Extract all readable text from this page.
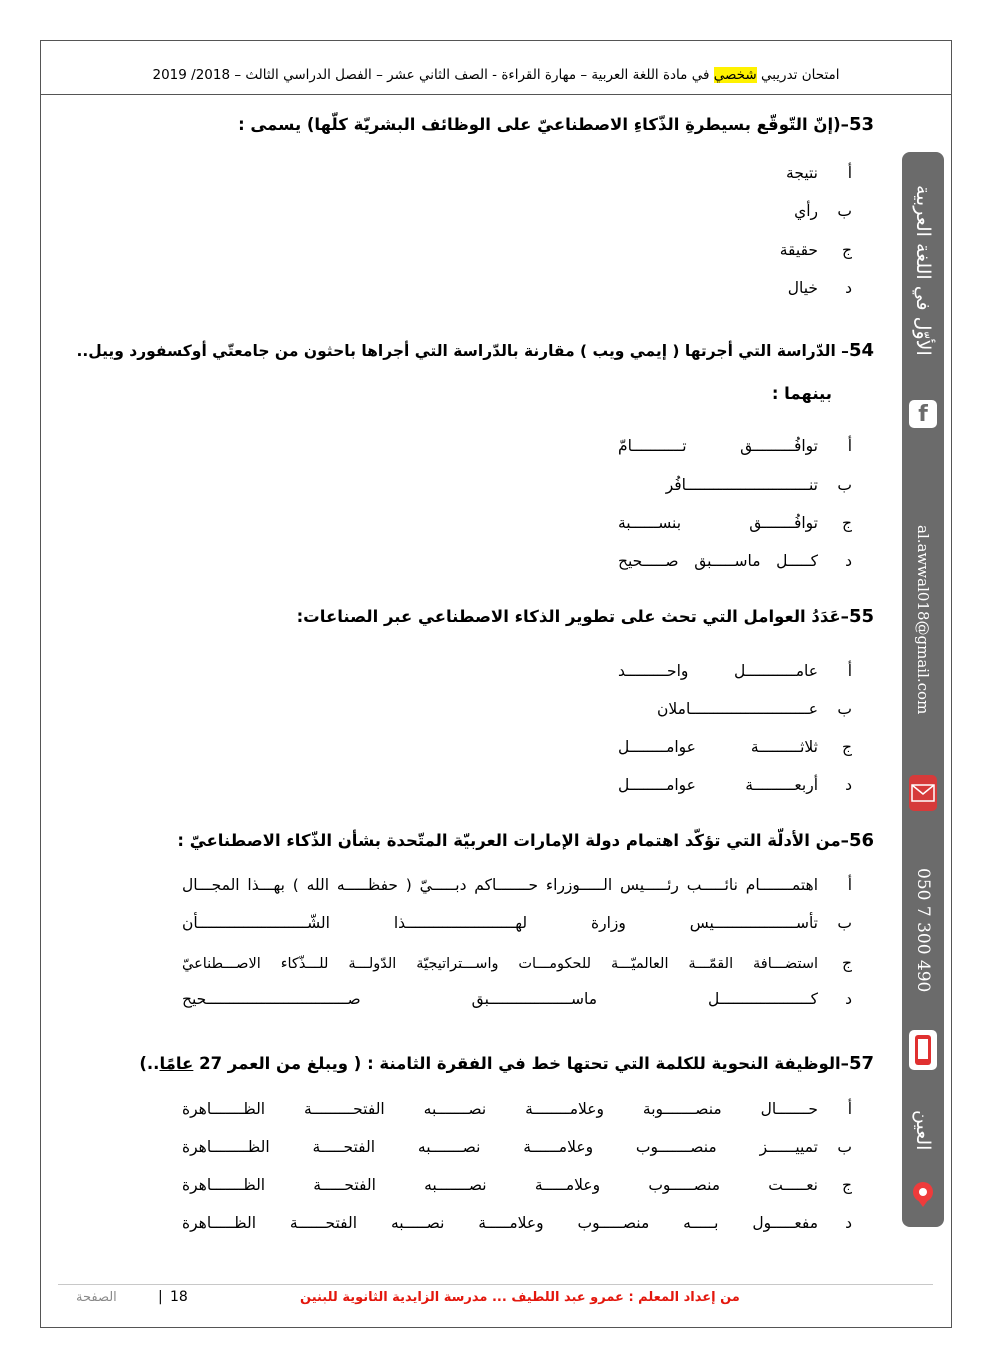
امتحان تدريبي شخصي في مادة اللغة العربية – مهارة القراءة - الصف الثاني عشر – الفصل الدراسي الثالث – 2018/ 2019
53–(إنّ التّوقّع بسيطرةِ الذّكاءِ الاصطناعيّ على الوظائف البشريّة كلّها) يسمى :
أنتيجة
برأي
جحقيقة
دخيال
54– الدّراسة التي أجرتها ( إيمي ويب ) مقارنة بالدّراسة التي أجراها باحثون من جامعتّي أوكسفورد وييل..
بينهما :
أتوافُـــــــــق تـــــــــــامّ
بتنـــــــــــــــــــــــــــافُر
جتوافُـــــــق بنســــــبة
دكـــــل ماســـــبق صـــــحيح
55–عَدَدُ العوامل التي تحث على تطوير الذكاء الاصطناعي عبر الصناعات:
أعامـــــــــــل واحـــــــــد
بعــــــــــــــــــــــــــاملان
جثلاثـــــــــة عوامــــــــل
دأربعـــــــــة عوامــــــــل
56–من الأدلّة التي تؤكّد اهتمام دولة الإمارات العربيّة المتّحدة بشأن الذّكاء الاصطناعيّ :
أاهتمـــــــام نائـــــب رئـــــيس الـــــوزراء حـــــــاكم دبـــــيّ ( حفظـــــه الله ) بهـــذا المجـــال
بتأســــــــــــــــــيس وزارة لهــــــــــــــــــــــــذا الشّــــــــــــــــــــــــأن
جاستضـــافة القمّـــة العالميّـــة للحكومـــات واســـتراتيجيّة الدّولـــة للـــذّكاء الاصـــطناعيّ
دكــــــــــــــــــــل ماســــــــــــــــــبق صـــــــــــــــــــــــــــــــحيح
57–الوظيفة النحوية للكلمة التي تحتها خط في الفقرة الثامنة : ( ويبلغ من العمر 27 عامًا..)
أحـــــــال منصـــــــوبة وعلامــــــــة نصـــــــبه الفتحـــــــــة الظـــــــاهرة
بتمييــــــز منصـــــــوب وعلامــــــة نصـــــــبه الفتحـــــة الظــــــــاهرة
جنعـــــت منصـــــوب وعلامـــــة نصـــــــبه الفتحـــــة الظـــــــاهرة
دمفعـــــول بـــــه منصـــــوب وعلامـــــة نصـــــبه الفتحــــــة الظـــــاهرة
الأوّل في اللغة العربية
f
al.awwal018@gmail.com
050 7 300 490
العين
من إعداد المعلم : عمرو عبد اللطيف ... مدرسة الزايدية الثانوية للبنين
18
|
الصفحة
